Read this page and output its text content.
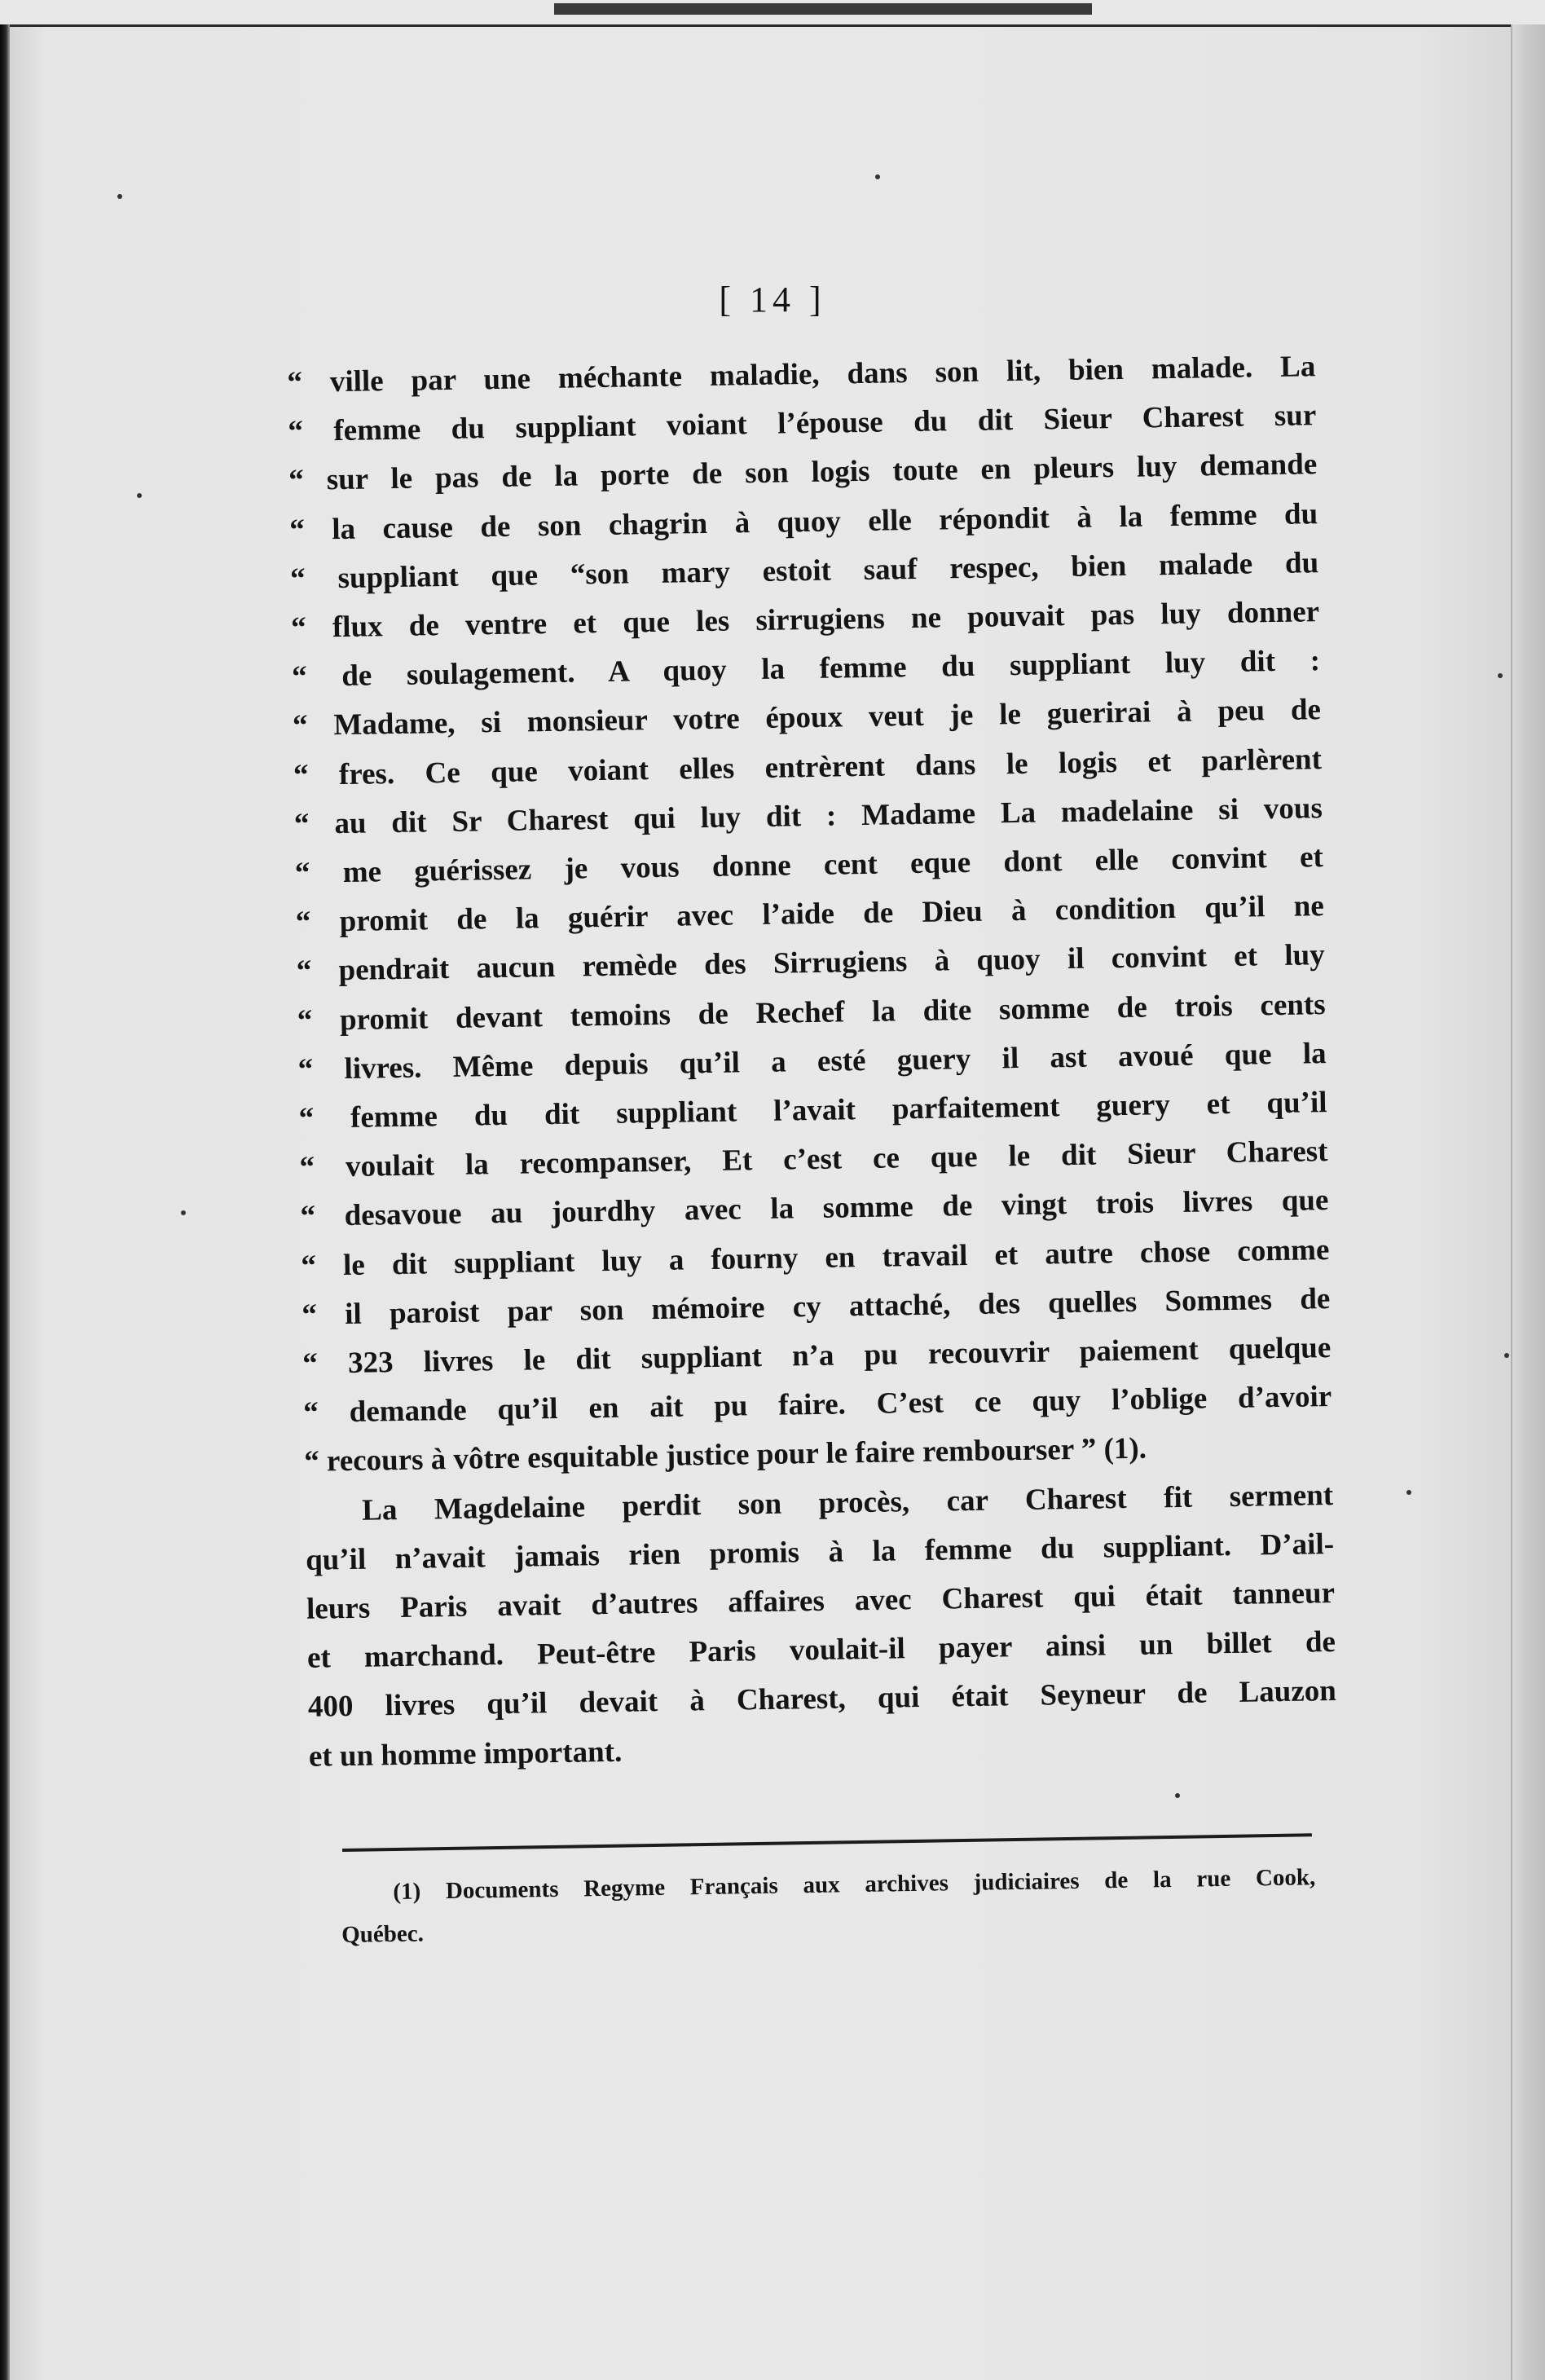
[ 14 ]
“ ville par une méchante maladie, dans son lit, bien malade. La
“ femme du suppliant voiant l’épouse du dit Sieur Charest sur
“ sur le pas de la porte de son logis toute en pleurs luy demande
“ la cause de son chagrin à quoy elle répondit à la femme du
“ suppliant que “son mary estoit sauf respec, bien malade du
“ flux de ventre et que les sirrugiens ne pouvait pas luy donner
“ de soulagement. A quoy la femme du suppliant luy dit :
“ Madame, si monsieur votre époux veut je le guerirai à peu de
“ fres. Ce que voiant elles entrèrent dans le logis et parlèrent
“ au dit Sr Charest qui luy dit : Madame La madelaine si vous
“ me guérissez je vous donne cent eque dont elle convint et
“ promit de la guérir avec l’aide de Dieu à condition qu’il ne
“ pendrait aucun remède des Sirrugiens à quoy il convint et luy
“ promit devant temoins de Rechef la dite somme de trois cents
“ livres. Même depuis qu’il a esté guery il ast avoué que la
“ femme du dit suppliant l’avait parfaitement guery et qu’il
“ voulait la recompanser, Et c’est ce que le dit Sieur Charest
“ desavoue au jourdhy avec la somme de vingt trois livres que
“ le dit suppliant luy a fourny en travail et autre chose comme
“ il paroist par son mémoire cy attaché, des quelles Sommes de
“ 323 livres le dit suppliant n’a pu recouvrir paiement quelque
“ demande qu’il en ait pu faire. C’est ce quy l’oblige d’avoir
“ recours à vôtre esquitable justice pour le faire rembourser ” (1).
La Magdelaine perdit son procès, car Charest fit serment
qu’il n’avait jamais rien promis à la femme du suppliant. D’ail-
leurs Paris avait d’autres affaires avec Charest qui était tanneur
et marchand. Peut-être Paris voulait-il payer ainsi un billet de
400 livres qu’il devait à Charest, qui était Seyneur de Lauzon
et un homme important.
(1) Documents Regyme Français aux archives judiciaires de la rue Cook,
Québec.
